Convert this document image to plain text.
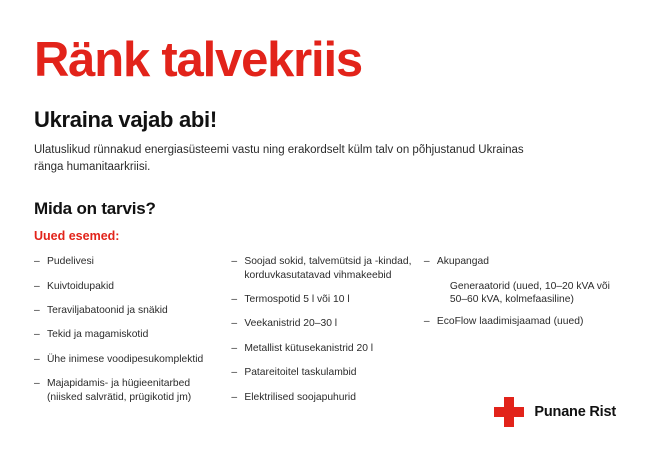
Ränk talvekriis
Ukraina vajab abi!

Ulatuslikud rünnakud energiasüsteemi vastu ning erakordselt külm talv on põhjustanud Ukrainas ränga humanitaarkriisi.

Mida on tarvis?
Uued esemed:
– Pudelivesi
– Kuivtoidupakid
– Teraviljabatoonid ja snäkid
– Tekid ja magamiskotid
– Ühe inimese voodipesukomplektid
– Majapidamis- ja hügieenitarbed (niisked salvrätid, prügikotid jm)
– Soojad sokid, talvemütsid ja -kindad, korduvkasutatavad vihmakeebid
– Termospotid 5 l või 10 l
– Veekanistrid 20–30 l
– Metallist kütusekanistrid 20 l
– Patareitoitel taskulambid
– Elektrilised soojapuhurid
– Akupangad
Generaatorid (uued, 10–20 kVA või 50–60 kVA, kolmefaasiline)
– EcoFlow laadimisjaamad (uued)
Punane Rist
